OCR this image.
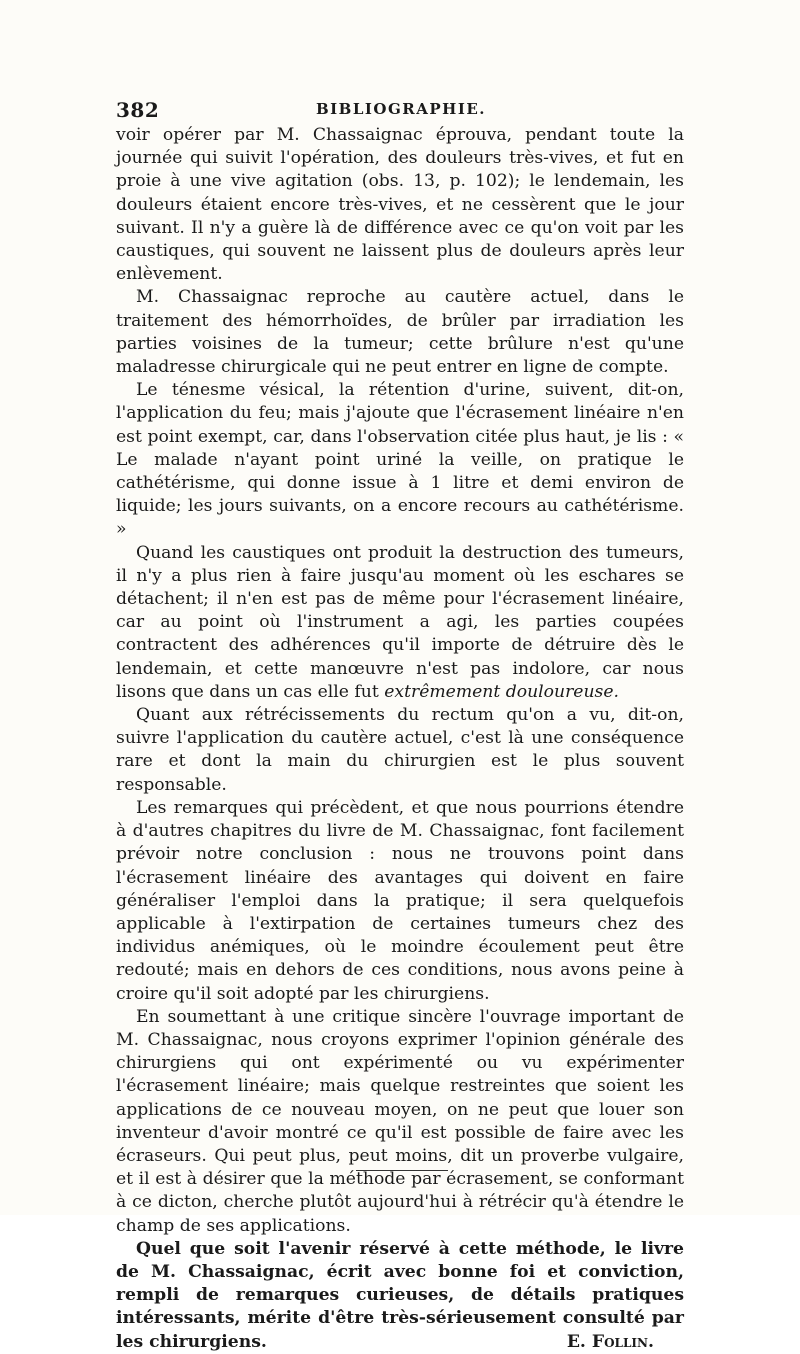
382	BIBLIOGRAPHIE.

voir opérer par M. Chassaignac éprouva, pendant toute la journée qui suivit l'opération, des douleurs très-vives, et fut en proie à une vive agitation (obs. 13, p. 102); le lendemain, les douleurs étaient encore très-vives, et ne cessèrent que le jour suivant. Il n'y a guère là de différence avec ce qu'on voit par les caustiques, qui souvent ne laissent plus de douleurs après leur enlèvement.

M. Chassaignac reproche au cautère actuel, dans le traitement des hémorrhoïdes, de brûler par irradiation les parties voisines de la tumeur; cette brûlure n'est qu'une maladresse chirurgicale qui ne peut entrer en ligne de compte.

Le ténesme vésical, la rétention d'urine, suivent, dit-on, l'application du feu; mais j'ajoute que l'écrasement linéaire n'en est point exempt, car, dans l'observation citée plus haut, je lis : « Le malade n'ayant point uriné la veille, on pratique le cathétérisme, qui donne issue à 1 litre et demi environ de liquide; les jours suivants, on a encore recours au cathétérisme. »

Quand les caustiques ont produit la destruction des tumeurs, il n'y a plus rien à faire jusqu'au moment où les eschares se détachent; il n'en est pas de même pour l'écrasement linéaire, car au point où l'instrument a agi, les parties coupées contractent des adhérences qu'il importe de détruire dès le lendemain, et cette manœuvre n'est pas indolore, car nous lisons que dans un cas elle fut extrêmement douloureuse.

Quant aux rétrécissements du rectum qu'on a vu, dit-on, suivre l'application du cautère actuel, c'est là une conséquence rare et dont la main du chirurgien est le plus souvent responsable.

Les remarques qui précèdent, et que nous pourrions étendre à d'autres chapitres du livre de M. Chassaignac, font facilement prévoir notre conclusion : nous ne trouvons point dans l'écrasement linéaire des avantages qui doivent en faire généraliser l'emploi dans la pratique; il sera quelquefois applicable à l'extirpation de certaines tumeurs chez des individus anémiques, où le moindre écoulement peut être redouté; mais en dehors de ces conditions, nous avons peine à croire qu'il soit adopté par les chirurgiens.

En soumettant à une critique sincère l'ouvrage important de M. Chassaignac, nous croyons exprimer l'opinion générale des chirurgiens qui ont expérimenté ou vu expérimenter l'écrasement linéaire; mais quelque restreintes que soient les applications de ce nouveau moyen, on ne peut que louer son inventeur d'avoir montré ce qu'il est possible de faire avec les écraseurs. Qui peut plus, peut moins, dit un proverbe vulgaire, et il est à désirer que la méthode par écrasement, se conformant à ce dicton, cherche plutôt aujourd'hui à rétrécir qu'à étendre le champ de ses applications.

Quel que soit l'avenir réservé à cette méthode, le livre de M. Chassaignac, écrit avec bonne foi et conviction, rempli de remarques curieuses, de détails pratiques intéressants, mérite d'être très-sérieusement consulté par les chirurgiens.	E. Follin.
